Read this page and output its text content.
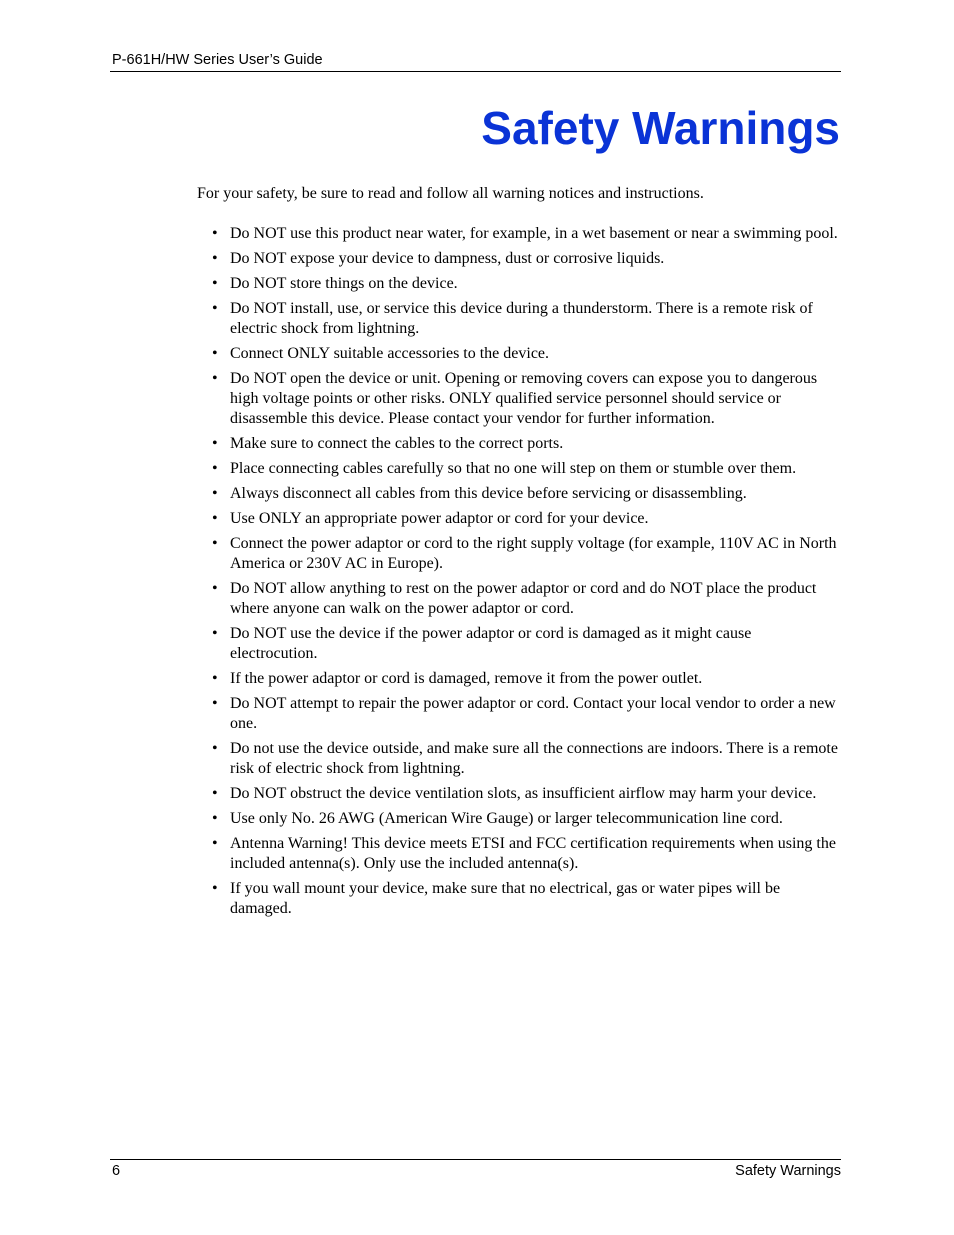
P-661H/HW Series User’s Guide
Safety Warnings

For your safety, be sure to read and follow all warning notices and instructions.

• Do NOT use this product near water, for example, in a wet basement or near a swimming pool.
• Do NOT expose your device to dampness, dust or corrosive liquids.
• Do NOT store things on the device.
• Do NOT install, use, or service this device during a thunderstorm. There is a remote risk of electric shock from lightning.
• Connect ONLY suitable accessories to the device.
• Do NOT open the device or unit. Opening or removing covers can expose you to dangerous high voltage points or other risks. ONLY qualified service personnel should service or disassemble this device. Please contact your vendor for further information.
• Make sure to connect the cables to the correct ports.
• Place connecting cables carefully so that no one will step on them or stumble over them.
• Always disconnect all cables from this device before servicing or disassembling.
• Use ONLY an appropriate power adaptor or cord for your device.
• Connect the power adaptor or cord to the right supply voltage (for example, 110V AC in North America or 230V AC in Europe).
• Do NOT allow anything to rest on the power adaptor or cord and do NOT place the product where anyone can walk on the power adaptor or cord.
• Do NOT use the device if the power adaptor or cord is damaged as it might cause electrocution.
• If the power adaptor or cord is damaged, remove it from the power outlet.
• Do NOT attempt to repair the power adaptor or cord. Contact your local vendor to order a new one.
• Do not use the device outside, and make sure all the connections are indoors. There is a remote risk of electric shock from lightning.
• Do NOT obstruct the device ventilation slots, as insufficient airflow may harm your device.
• Use only No. 26 AWG (American Wire Gauge) or larger telecommunication line cord.
• Antenna Warning! This device meets ETSI and FCC certification requirements when using the included antenna(s). Only use the included antenna(s).
• If you wall mount your device, make sure that no electrical, gas or water pipes will be damaged.
6	Safety Warnings
